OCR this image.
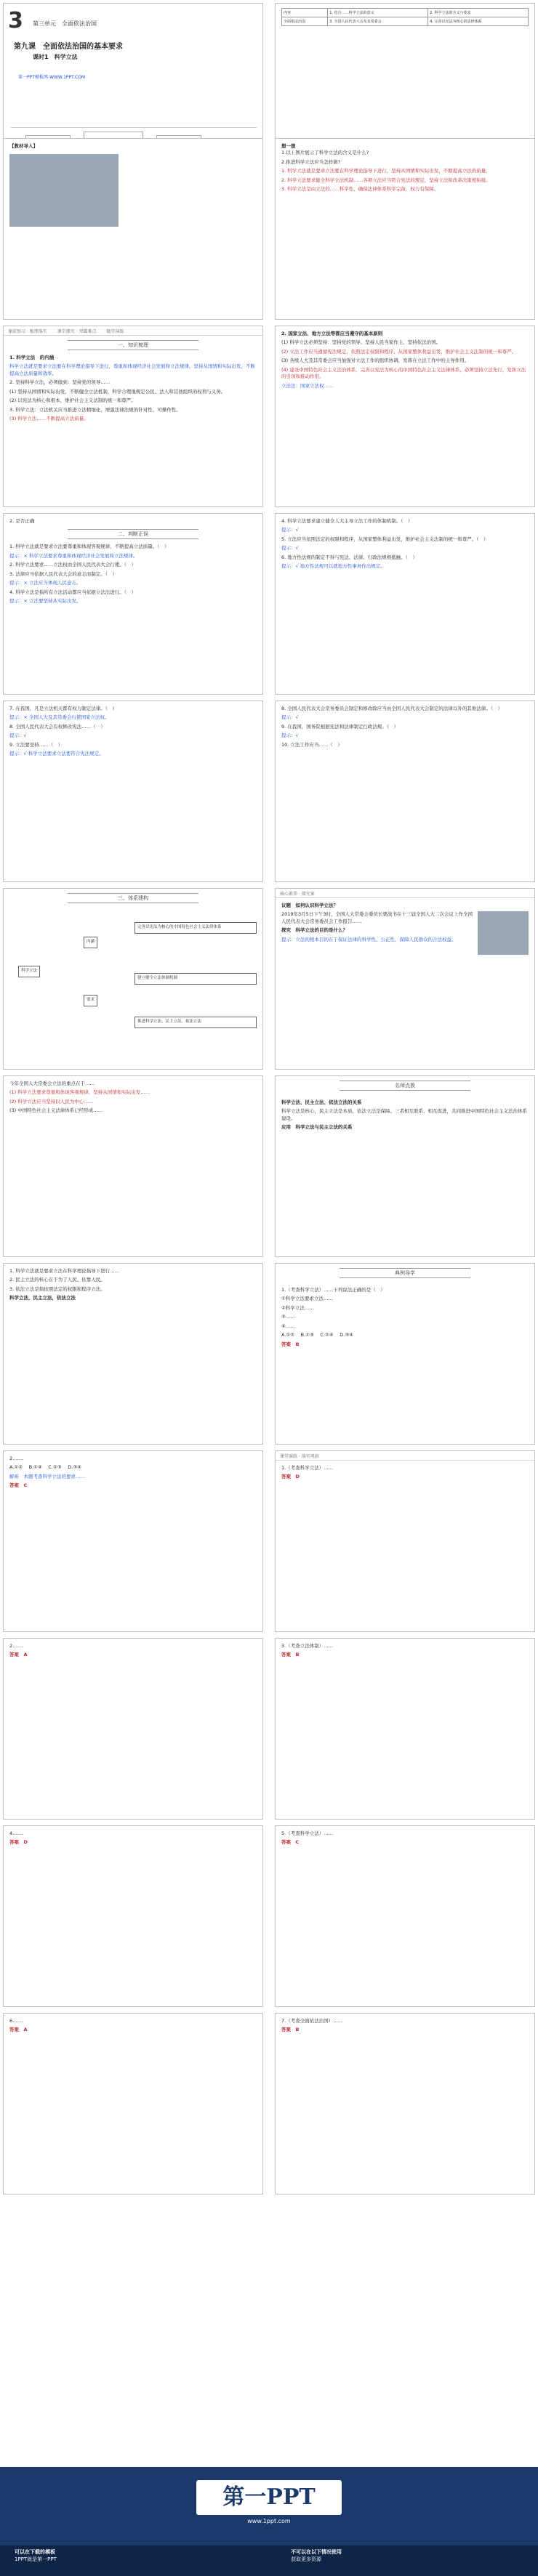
3 第三单元　全面依法治国
第九课　全面依法治国的基本要求
课时1　科学立法
第一PPT模板网-WWW.1PPT.COM
内容	1. 结合……科学立法的意义	2. 科学立法的含义与要求
全面依法治国	3. 全国人民代表大会及其常委会	4. 完善以宪法为核心的法律体系
【教材导入】	想一想
1.以上图片展示了科学立法的含义是什么?
2.推进科学立法应当怎样做?
1. 科学立法就是要求立法要在科学理论指导下进行，坚持从国情和实际出发，不断提高立法的质量。
2. 科学立法要求健全科学立法机制……各项立法应当符合宪法的规定，坚持立法和改革决策相衔接。
3. 科学立法是由立法的……科学性，确保法律体系科学完备，权力有保障。
课前预习 · 梳理落实 课堂探究 · 突破难点 随堂演练
一、知识梳理
1. 科学立法　的内涵
科学立法就是要求立法要在科学理论指导下进行，尊重和体现经济社会发展和立法规律，坚持从国情和实际出发，不断提高立法质量和效率。
2. 坚持科学立法，必须做到：坚持党的领导……
(1) 坚持从国情和实际出发，不断健全立法机制，科学合理地规定公民、法人和其他组织的权利与义务。
(2) 以宪法为核心和根本，维护社会主义法制的统一和尊严。
3. 科学立法：立法机关应当推进立法精细化，增强法律法规的针对性、可操作性。
(3) 科学立法……不断提高立法质量。
2. 国家立法、地方立法等都应当遵守的基本原则
(1) 科学立法必须坚持：坚持党的领导、坚持人民当家作主、坚持依法治国。
(2) 立法工作应当遵循宪法规定，依照法定权限和程序，从国家整体利益出发，维护社会主义法制的统一和尊严。
(3) 各级人大及其常委会应当加强对立法工作的组织协调，发挥在立法工作中的主导作用。
(4) 建设中国特色社会主义法治体系，完善以宪法为核心的中国特色社会主义法律体系，必须坚持立法先行，发挥立法的引领和推动作用。
立法法：国家立法权……
2. 是否正确
二、判断正误
1. 科学立法就是要求立法要尊重和体现客观规律，不断提高立法质量。（　）
提示：× 科学立法要求尊重和体现经济社会发展和立法规律。
2. 科学立法要求……立法权由全国人民代表大会行使。（　）
3. 法律应当依据人民代表大会的意志而制定。（　）
提示：× 立法应当体现人民意志。
4. 科学立法是指所有立法活动都应当依据立法法进行。（　）
提示：× 立法要坚持从实际出发。
4. 科学立法要求建立健全人大主导立法工作的体制机制。（　）
提示：√
5. 立法应当依照法定的权限和程序，从国家整体利益出发，维护社会主义法制的统一和尊严。（　）
提示：√
6. 地方性法规的制定不得与宪法、法律、行政法规相抵触。（　）
提示：√ 地方性法规可以就地方性事务作出规定。
7. 在我国，凡是立法机关都有权力制定法律。（　）
提示：× 全国人大及其常委会行使国家立法权。
8. 全国人民代表大会有权修改宪法……（　）
提示：√
9. 立法要坚持……（　）
提示：√ 科学立法要求立法要符合宪法规定。
8. 全国人民代表大会常务委员会制定和修改除应当由全国人民代表大会制定的法律以外的其他法律。（　）
提示：√
9. 在我国，国务院根据宪法和法律制定行政法规。（　）
提示：√
10. 立法工作应当……（　）
三、体系建构
科学立法
内涵
要求
完善以宪法为核心的中国特色社会主义法律体系
建立健全立法体制机制
推进科学立法、民主立法、依法立法
核心素养 · 探究案
议题　如何认识科学立法？
2019年3月5日下午3时，全国人大常委会委员长栗战书在十三届全国人大二次会议上作全国人民代表大会常务委员会工作报告……
探究　科学立法的目的是什么？
提示：立法的根本目的在于保证法律的科学性、公正性，保障人民群众的合法权益。
今年全国人大常委会立法的重点在于……
(1) 科学立法要求尊重和体现客观规律，坚持从国情和实际出发……
(2) 科学立法应当坚持以人民为中心……
(3) 中国特色社会主义法律体系已经形成……
名师点拨
科学立法、民主立法、依法立法的关系
科学立法是核心，民主立法是本质，依法立法是保障。三者相互联系、相互促进，共同推进中国特色社会主义法治体系建设。
应用　科学立法与民主立法的关系
1. 科学立法就是要求立法在科学理论指导下进行……
2. 民主立法的核心在于为了人民、依靠人民。
3. 依法立法是指依照法定的权限和程序立法。
科学立法，民主立法，依法立法
典例导学
1.（考查科学立法）……下列说法正确的是（　）
①科学立法要求立法……
②科学立法……
③……
④……
A.①②　 B.①③　 C.②④　 D.③④
答案　B
2.……
A.①②　 B.①④　 C.②③　 D.③④
解析　本题考查科学立法的要求……
答案　C
课堂演练 · 落实巩固
1.（考查科学立法）……
答案　D
2.……
答案　A
3.（考查立法体制）……
答案　B
4.……
答案　D
5.（考查科学立法）……
答案　C
6.……
答案　A
7.（考查全面依法治国）……
答案　B
第一PPT
www.1ppt.com
可以在下载的模板
1PPT就是第一PPT
不可以在以下情况使用
获取更多资源
